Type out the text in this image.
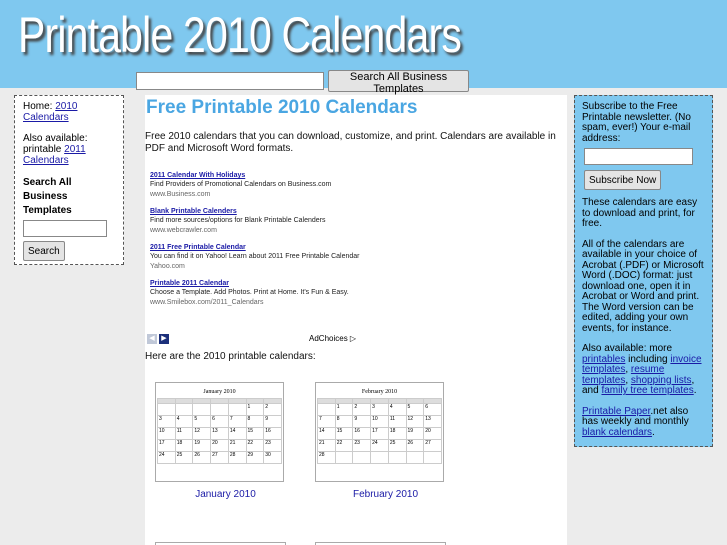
Printable 2010 Calendars
Search All Business Templates

Home: 2010 Calendars

Also available: printable 2011 Calendars

Search All Business Templates
Search
Free Printable 2010 Calendars

Free 2010 calendars that you can download, customize, and print. Calendars are available in PDF and Microsoft Word formats.

2011 Calendar With Holidays
Find Providers of Promotional Calendars on Business.com
www.Business.com
Blank Printable Calenders
Find more sources/options for Blank Printable Calenders
www.webcrawler.com
2011 Free Printable Calendar
You can find it on Yahoo! Learn about 2011 Free Printable Calendar
Yahoo.com
Printable 2011 Calendar
Choose a Template. Add Photos. Print at Home. It's Fun & Easy.
www.Smilebox.com/2011_Calendars
◀ ▶	AdChoices ▷

Here are the 2010 printable calendars:

January 2010

					1	2
3	4	5	6	7	8	9
10	11	12	13	14	15	16
17	18	19	20	21	22	23
24	25	26	27	28	29	30
January 2010
February 2010

	1	2	3	4	5	6
7	8	9	10	11	12	13
14	15	16	17	18	19	20
21	22	23	24	25	26	27
28						
February 2010

Subscribe to the Free Printable newsletter. (No spam, ever!) Your e-mail address:

Subscribe Now

These calendars are easy to download and print, for free.

All of the calendars are available in your choice of Acrobat (.PDF) or Microsoft Word (.DOC) format: just download one, open it in Acrobat or Word and print. The Word version can be edited, adding your own events, for instance.

Also available: more printables including invoice templates, resume templates, shopping lists, and family tree templates.

Printable Paper.net also has weekly and monthly blank calendars.
